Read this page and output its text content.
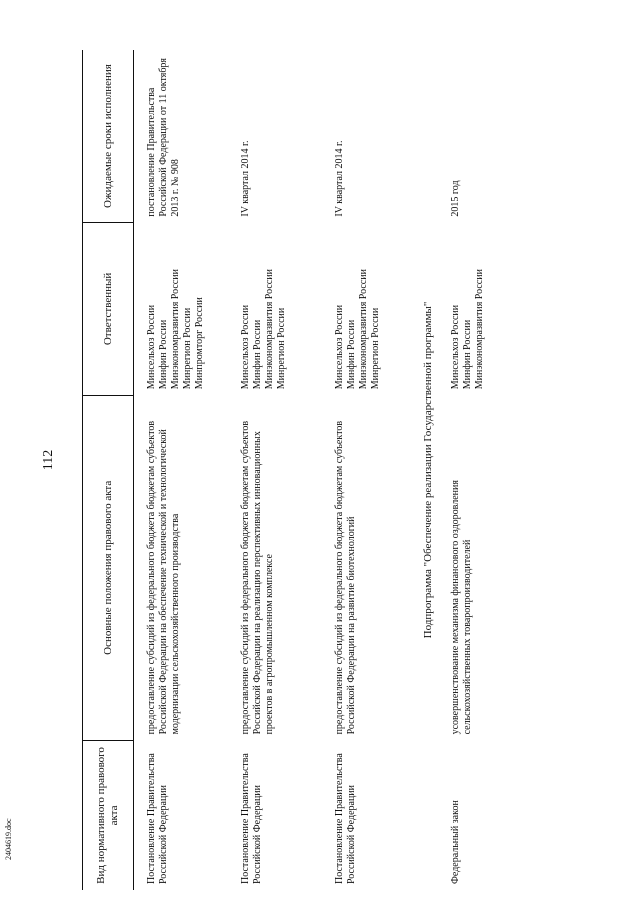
112
2404619.doc	Вид нормативного правового акта	Основные положения правового акта	Ответственный	Ожидаемые сроки исполнения
Постановление Правительства Российской Федерации	предоставление субсидий из федерального бюджета бюджетам субъектов Российской Федерации на обеспечение технической и технологической модернизации сельскохозяйственного производства	Минсельхоз России Минфин России Минэкономразвития России Минрегион России Минпромторг России	постановление Правительства Российской Федерации от 11 октября 2013 г. № 908
Постановление Правительства Российской Федерации	предоставление субсидий из федерального бюджета бюджетам субъектов Российской Федерации на реализацию перспективных инновационных проектов в агропромышленном комплексе	Минсельхоз России Минфин России Минэкономразвития России Минрегион России	IV квартал 2014 г.
Постановление Правительства Российской Федерации	предоставление субсидий из федерального бюджета бюджетам субъектов Российской Федерации на развитие биотехнологий	Минсельхоз России Минфин России Минэкономразвития России Минрегион России	IV квартал 2014 г.
Подпрограмма "Обеспечение реализации Государственной программы"			
Федеральный закон	усовершенствование механизма финансового оздоровления сельскохозяйственных товаропроизводителей	Минсельхоз России Минфин России Минэкономразвития России	2015 год
